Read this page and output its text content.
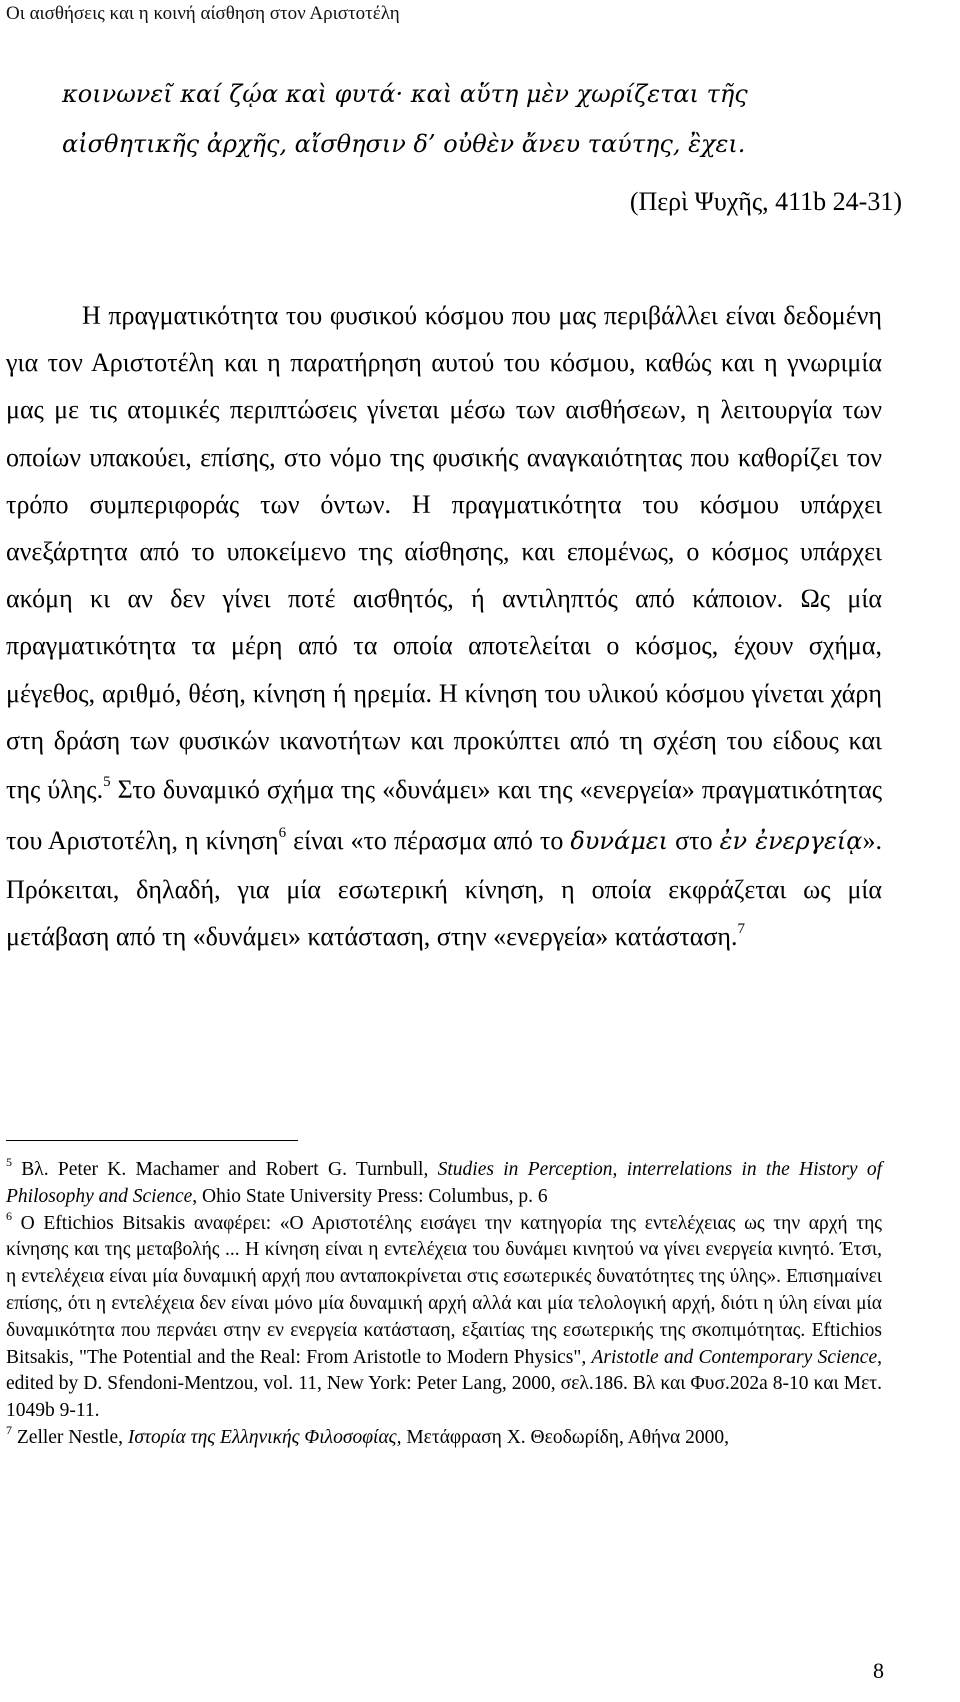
Οι αισθήσεις και η κοινή αίσθηση στον Αριστοτέλη
κοινωνεῖ καί ζῴα καὶ φυτά· καὶ αὕτη μὲν χωρίζεται τῆς
αἰσθητικῆς ἀρχῆς, αἴσθησιν δ’ οὐθὲν ἄνευ ταύτης, ἒχει.
(Περὶ Ψυχῆς, 411b 24-31)

Η πραγματικότητα του φυσικού κόσμου που μας περιβάλλει είναι δεδομένη για τον Αριστοτέλη και η παρατήρηση αυτού του κόσμου, καθώς και η γνωριμία μας με τις ατομικές περιπτώσεις γίνεται μέσω των αισθήσεων, η λειτουργία των οποίων υπακούει, επίσης, στο νόμο της φυσικής αναγκαιότητας που καθορίζει τον τρόπο συμπεριφοράς των όντων. Η πραγματικότητα του κόσμου υπάρχει ανεξάρτητα από το υποκείμενο της αίσθησης, και επομένως, ο κόσμος υπάρχει ακόμη κι αν δεν γίνει ποτέ αισθητός, ή αντιληπτός από κάποιον. Ως μία πραγματικότητα τα μέρη από τα οποία αποτελείται ο κόσμος, έχουν σχήμα, μέγεθος, αριθμό, θέση, κίνηση ή ηρεμία. Η κίνηση του υλικού κόσμου γίνεται χάρη στη δράση των φυσικών ικανοτήτων και προκύπτει από τη σχέση του είδους και της ύλης.$^5$ Στο δυναμικό σχήμα της «δυνάμει» και της «ενεργεία» πραγματικότητας του Αριστοτέλη, η κίνηση$^6$ είναι «το πέρασμα από το δυνάμει στο ἐν ἐνεργείᾳ». Πρόκειται, δηλαδή, για μία εσωτερική κίνηση, η οποία εκφράζεται ως μία μετάβαση από τη «δυνάμει» κατάσταση, στην «ενεργεία» κατάσταση.$^7$

$^5$ Βλ. Peter K. Machamer and Robert G. Turnbull, Studies in Perception, interrelations in the History of Philosophy and Science, Ohio State University Press: Columbus, p. 6

$^6$ O Eftichios Bitsakis αναφέρει: «Ο Αριστοτέλης εισάγει την κατηγορία της εντελέχειας ως την αρχή της κίνησης και της μεταβολής ... Η κίνηση είναι η εντελέχεια του δυνάμει κινητού να γίνει ενεργεία κινητό. Έτσι, η εντελέχεια είναι μία δυναμική αρχή που ανταποκρίνεται στις εσωτερικές δυνατότητες της ύλης». Επισημαίνει επίσης, ότι η εντελέχεια δεν είναι μόνο μία δυναμική αρχή αλλά και μία τελολογική αρχή, διότι η ύλη είναι μία δυναμικότητα που περνάει στην εν ενεργεία κατάσταση, εξαιτίας της εσωτερικής της σκοπιμότητας. Eftichios Bitsakis, "The Potential and the Real: From Aristotle to Modern Physics", Aristotle and Contemporary Science, edited by D. Sfendoni-Mentzou, vol. 11, New York: Peter Lang, 2000, σελ.186. Βλ και Φυσ.202a 8-10 και Μετ. 1049b 9-11.

$^7$ Zeller Nestle, Ιστορία της Ελληνικής Φιλοσοφίας, Μετάφραση Χ. Θεοδωρίδη, Αθήνα 2000,

8
